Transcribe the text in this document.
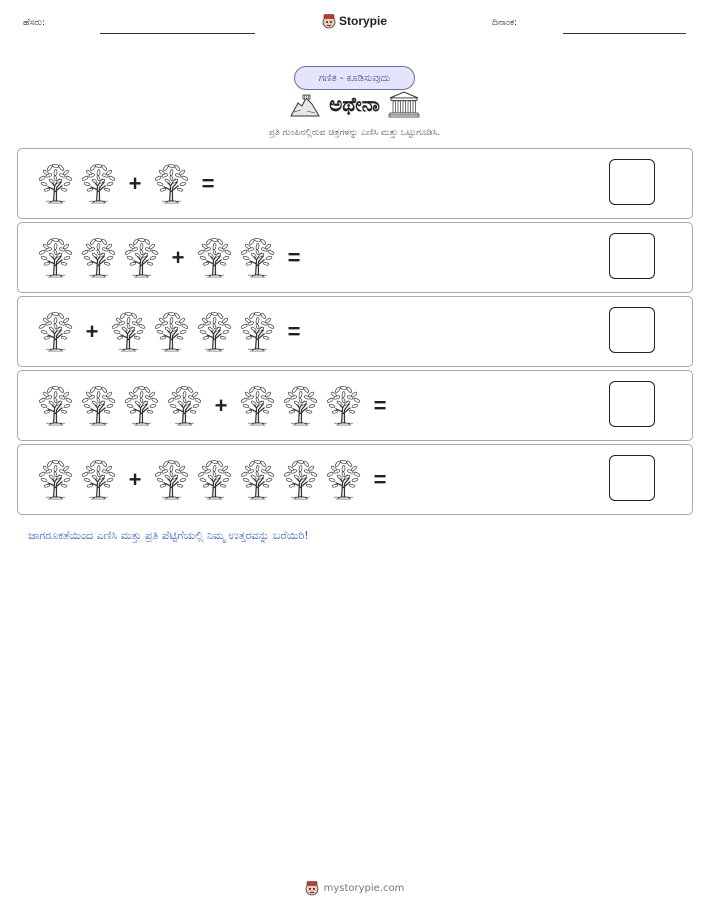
ಹೆಸರು:	Storypie	ದಿನಾಂಕ:
ಗಣಿತ - ಕೂಡಿಸುವುದು
ಅಥೇನಾ
ಪ್ರತಿ ಗುಂಪಿನಲ್ಲಿರುವ ಚಿತ್ರಗಳನ್ನು ಎಣಿಸಿ ಮತ್ತು ಒಟ್ಟುಗೂಡಿಸಿ.
+	=
+	=
+	=
+	=
+	=
ಜಾಗರೂಕತೆಯಿಂದ ಎಣಿಸಿ ಮತ್ತು ಪ್ರತಿ ಪೆಟ್ಟಿಗೆಯಲ್ಲಿ ನಿಮ್ಮ ಉತ್ತರವನ್ನು ಬರೆಯಿರಿ!
mystorypie.com
